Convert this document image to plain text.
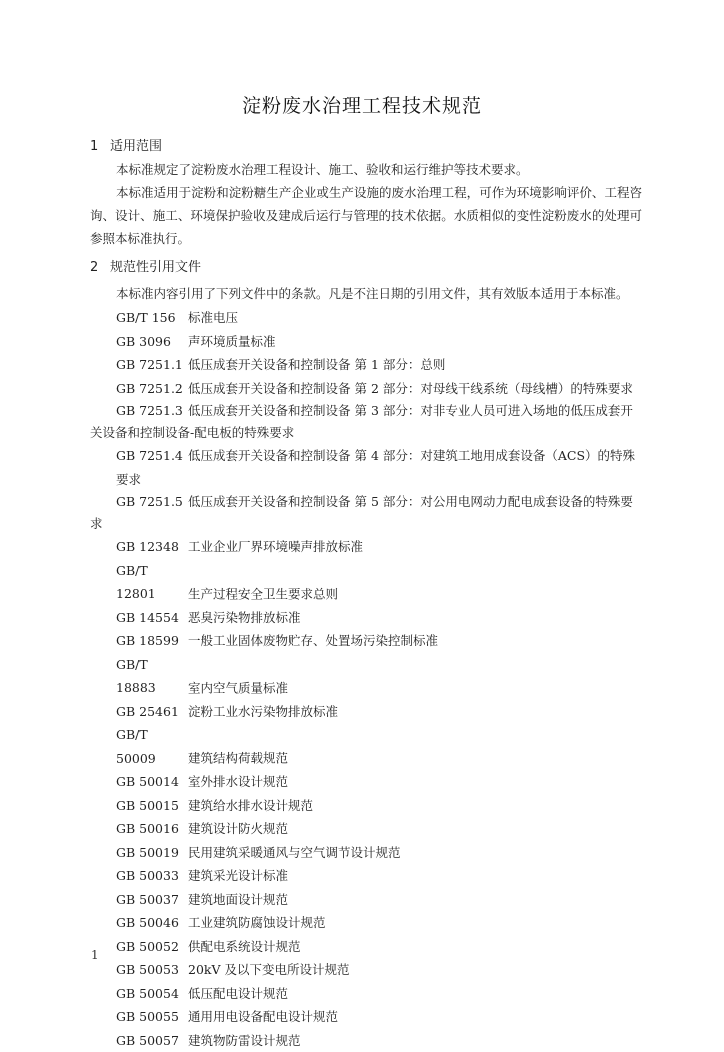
淀粉废水治理工程技术规范
1 适用范围

本标准规定了淀粉废水治理工程设计、施工、验收和运行维护等技术要求。

本标准适用于淀粉和淀粉糖生产企业或生产设施的废水治理工程，可作为环境影响评价、工程咨询、设计、施工、环境保护验收及建成后运行与管理的技术依据。水质相似的变性淀粉废水的处理可参照本标准执行。

2 规范性引用文件

本标准内容引用了下列文件中的条款。凡是不注日期的引用文件，其有效版本适用于本标准。

GB/T 156 标准电压

GB 3096 声环境质量标准

GB 7251.1 低压成套开关设备和控制设备 第 1 部分：总则

GB 7251.2 低压成套开关设备和控制设备 第 2 部分：对母线干线系统（母线槽）的特殊要求

GB 7251.3 低压成套开关设备和控制设备 第 3 部分：对非专业人员可进入场地的低压成套开关设备和控制设备-配电板的特殊要求

GB 7251.4 低压成套开关设备和控制设备 第 4 部分：对建筑工地用成套设备（ACS）的特殊要求

GB 7251.5 低压成套开关设备和控制设备 第 5 部分：对公用电网动力配电成套设备的特殊要求

GB 12348 工业企业厂界环境噪声排放标准

GB/T 12801	生产过程安全卫生要求总则

GB 14554 恶臭污染物排放标准

GB 18599 一般工业固体废物贮存、处置场污染控制标准

GB/T 18883	室内空气质量标准

GB 25461 淀粉工业水污染物排放标准

GB/T 50009	建筑结构荷载规范

GB 50014 室外排水设计规范

GB 50015 建筑给水排水设计规范

GB 50016 建筑设计防火规范

GB 50019 民用建筑采暖通风与空气调节设计规范

GB 50033 建筑采光设计标准

GB 50037 建筑地面设计规范

GB 50046 工业建筑防腐蚀设计规范

GB 50052 供配电系统设计规范

GB 50053 20kV 及以下变电所设计规范

GB 50054 低压配电设计规范

GB 50055 通用用电设备配电设计规范

GB 50057 建筑物防雷设计规范

1
